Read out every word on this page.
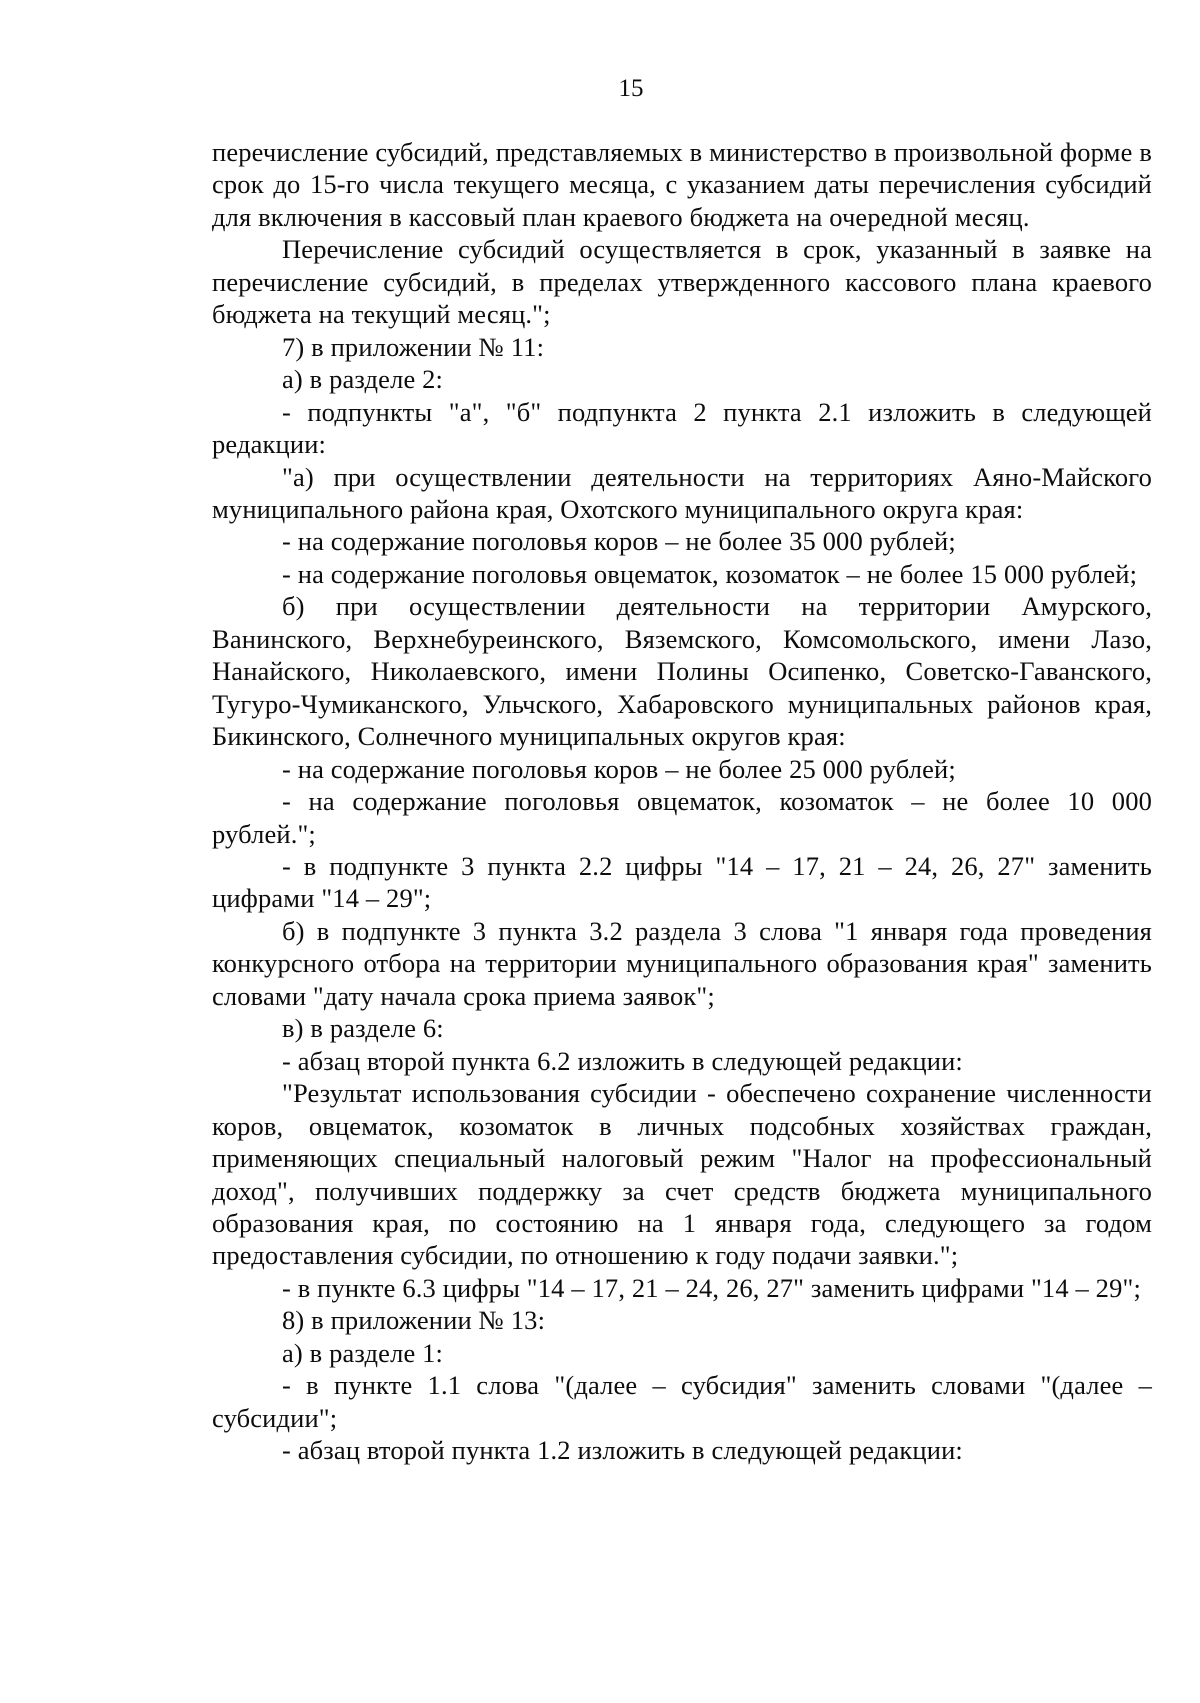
15

перечисление субсидий, представляемых в министерство в произвольной форме в срок до 15-го числа текущего месяца, с указанием даты перечисления субсидий для включения в кассовый план краевого бюджета на очередной месяц.

Перечисление субсидий осуществляется в срок, указанный в заявке на перечисление субсидий, в пределах утвержденного кассового плана краевого бюджета на текущий месяц.";

7) в приложении № 11:

а) в разделе 2:

- подпункты "а", "б" подпункта 2 пункта 2.1 изложить в следующей редакции:

"а) при осуществлении деятельности на территориях Аяно-Майского муниципального района края, Охотского муниципального округа края:

- на содержание поголовья коров – не более 35 000 рублей;

- на содержание поголовья овцематок, козоматок – не более 15 000 рублей;

б) при осуществлении деятельности на территории Амурского, Ванинского, Верхнебуреинского, Вяземского, Комсомольского, имени Лазо, Нанайского, Николаевского, имени Полины Осипенко, Советско-Гаванского, Тугуро-Чумиканского, Ульчского, Хабаровского муниципальных районов края, Бикинского, Солнечного муниципальных округов края:

- на содержание поголовья коров – не более 25 000 рублей;

- на содержание поголовья овцематок, козоматок – не более 10 000 рублей.";

- в подпункте 3 пункта 2.2 цифры "14 – 17, 21 – 24, 26, 27" заменить цифрами "14 – 29";

б) в подпункте 3 пункта 3.2 раздела 3 слова "1 января года проведения конкурсного отбора на территории муниципального образования края" заменить словами "дату начала срока приема заявок";

в) в разделе 6:

- абзац второй пункта 6.2 изложить в следующей редакции:

"Результат использования субсидии - обеспечено сохранение численности коров, овцематок, козоматок в личных подсобных хозяйствах граждан, применяющих специальный налоговый режим "Налог на профессиональный доход", получивших поддержку за счет средств бюджета муниципального образования края, по состоянию на 1 января года, следующего за годом предоставления субсидии, по отношению к году подачи заявки.";

- в пункте 6.3 цифры "14 – 17, 21 – 24, 26, 27" заменить цифрами "14 – 29";

8) в приложении № 13:

а) в разделе 1:

- в пункте 1.1 слова "(далее – субсидия" заменить словами "(далее – субсидии";

- абзац второй пункта 1.2 изложить в следующей редакции:
